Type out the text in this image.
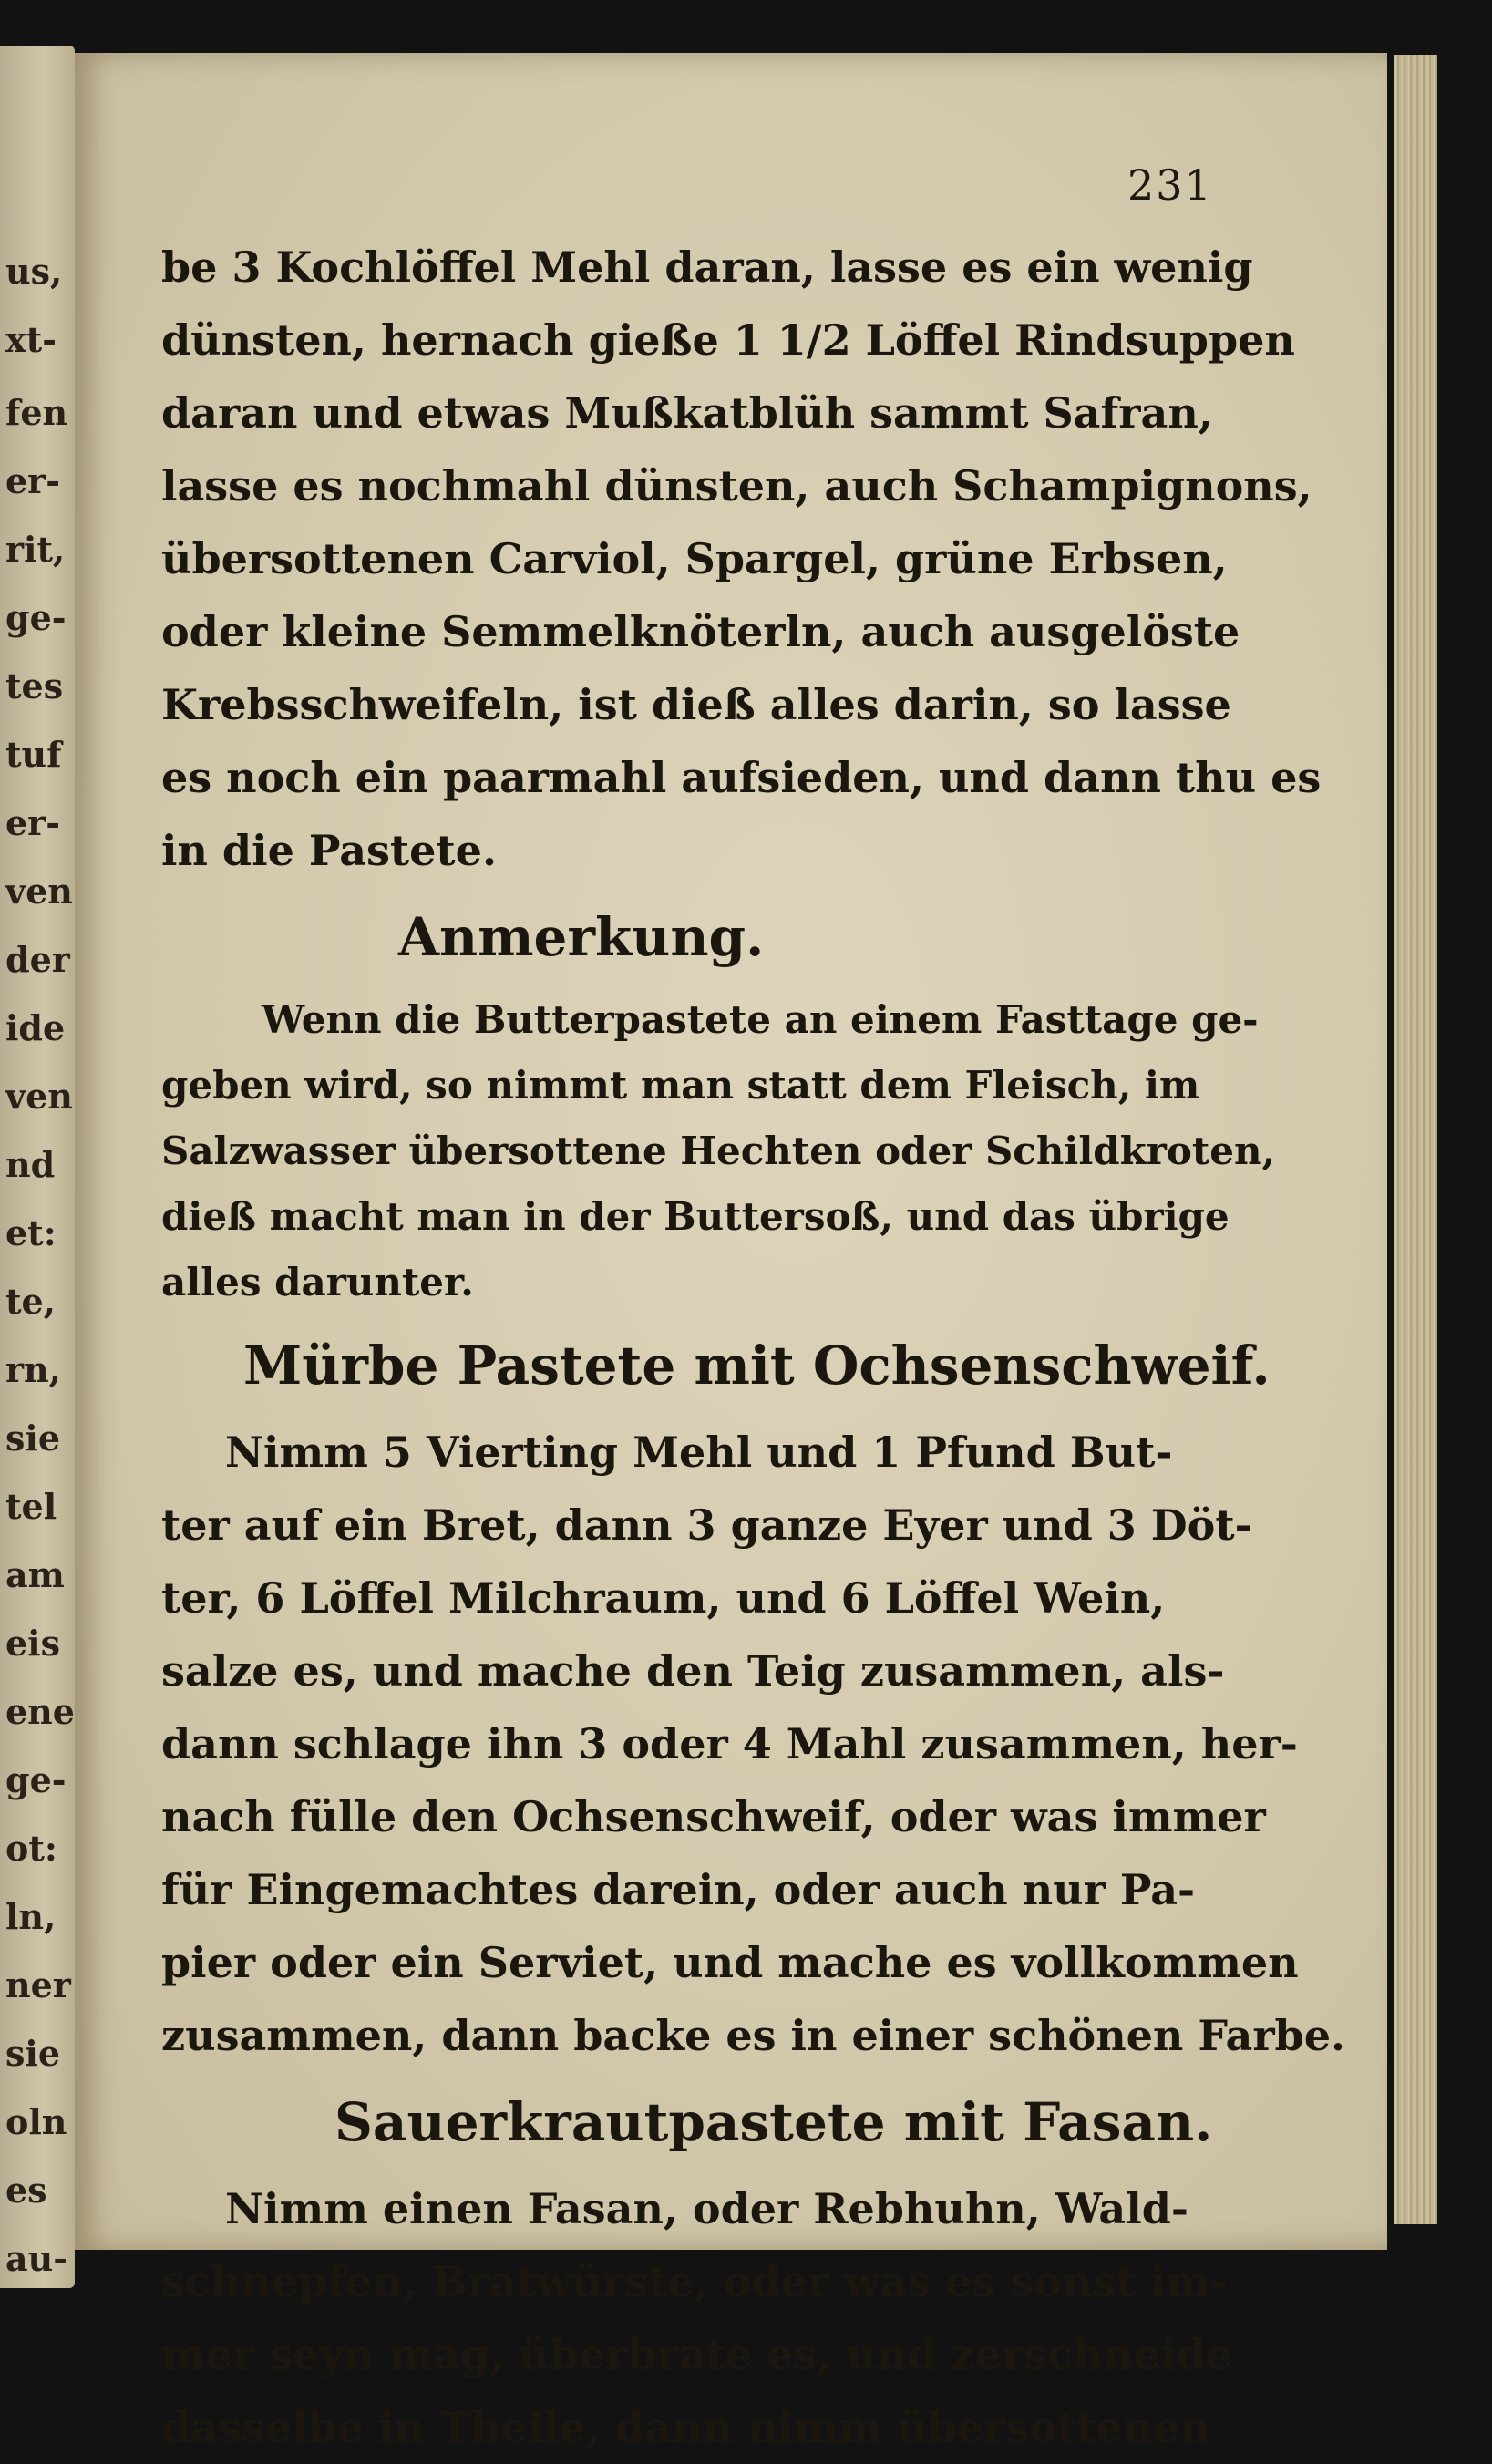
us,
xt-
fen
er-
rit,
ge-
tes
tuf
er-
ven
der
ide
ven
nd
et:
te,
rn,
sie
tel
am
eis
ene
ge-
ot:
ln,
ner
sie
oln
es
au-
231
be 3 Kochlöffel Mehl daran, lasse es ein wenig
dünsten, hernach gieße 1 1/2 Löffel Rindsuppen
daran und etwas Mußkatblüh sammt Safran,
lasse es nochmahl dünsten, auch Schampignons,
übersottenen Carviol, Spargel, grüne Erbsen,
oder kleine Semmelknöterln, auch ausgelöste
Krebsschweifeln, ist dieß alles darin, so lasse
es noch ein paarmahl aufsieden, und dann thu es
in die Pastete.
Anmerkung.
Wenn die Butterpastete an einem Fasttage ge-
geben wird, so nimmt man statt dem Fleisch, im
Salzwasser übersottene Hechten oder Schildkroten,
dieß macht man in der Buttersoß, und das übrige
alles darunter.
Mürbe Pastete mit Ochsenschweif.
Nimm 5 Vierting Mehl und 1 Pfund But-
ter auf ein Bret, dann 3 ganze Eyer und 3 Döt-
ter, 6 Löffel Milchraum, und 6 Löffel Wein,
salze es, und mache den Teig zusammen, als-
dann schlage ihn 3 oder 4 Mahl zusammen, her-
nach fülle den Ochsenschweif, oder was immer
für Eingemachtes darein, oder auch nur Pa-
pier oder ein Serviet, und mache es vollkommen
zusammen, dann backe es in einer schönen Farbe.
Sauerkrautpastete mit Fasan.
Nimm einen Fasan, oder Rebhuhn, Wald-
schnepfen, Bratwürste, oder was es sonst im-
mer seyn mag, überbrate es, und zerschneide
dasselbe in Theile, dann nimm übersottenen
